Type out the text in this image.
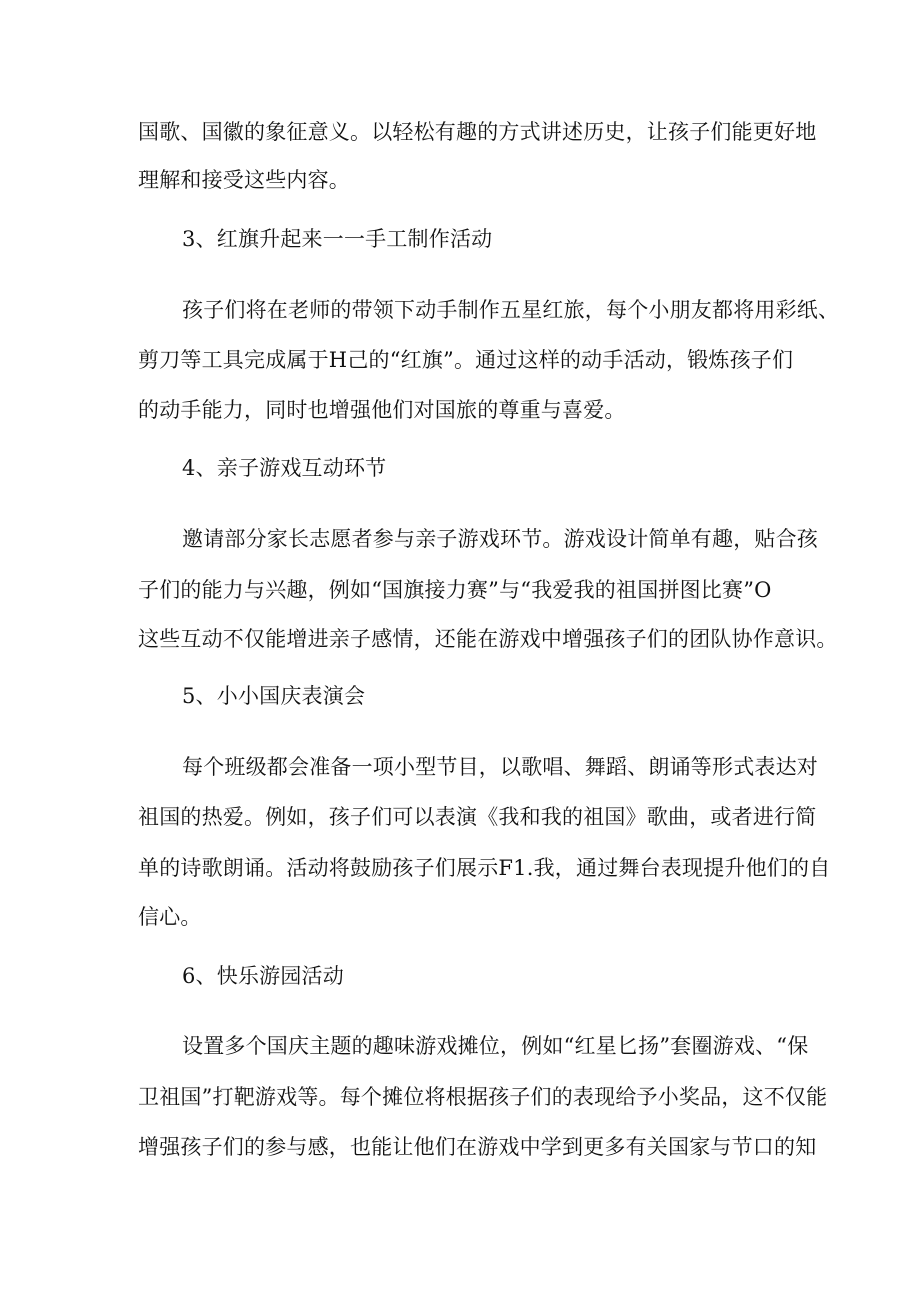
国歌、国徽的象征意义。以轻松有趣的方式讲述历史，让孩子们能更好地
理解和接受这些内容。
3、红旗升起来一一手工制作活动
孩子们将在老师的带领下动手制作五星红旅，每个小朋友都将用彩纸、
剪刀等工具完成属于H己的“红旗”。通过这样的动手活动，锻炼孩子们
的动手能力，同时也增强他们对国旅的尊重与喜爱。
4、亲子游戏互动环节
邀请部分家长志愿者参与亲子游戏环节。游戏设计简单有趣，贴合孩
子们的能力与兴趣，例如“国旗接力赛”与“我爱我的祖国拼图比赛”O
这些互动不仅能增进亲子感情，还能在游戏中增强孩子们的团队协作意识。
5、小小国庆表演会
每个班级都会准备一项小型节目，以歌唱、舞蹈、朗诵等形式表达对
祖国的热爱。例如，孩子们可以表演《我和我的祖国》歌曲，或者进行简
单的诗歌朗诵。活动将鼓励孩子们展示F1.我，通过舞台表现提升他们的自
信心。
6、快乐游园活动
设置多个国庆主题的趣味游戏摊位，例如“红星匕扬”套圈游戏、“保
卫祖国”打靶游戏等。每个摊位将根据孩子们的表现给予小奖品，这不仅能
增强孩子们的参与感，也能让他们在游戏中学到更多有关国家与节口的知
